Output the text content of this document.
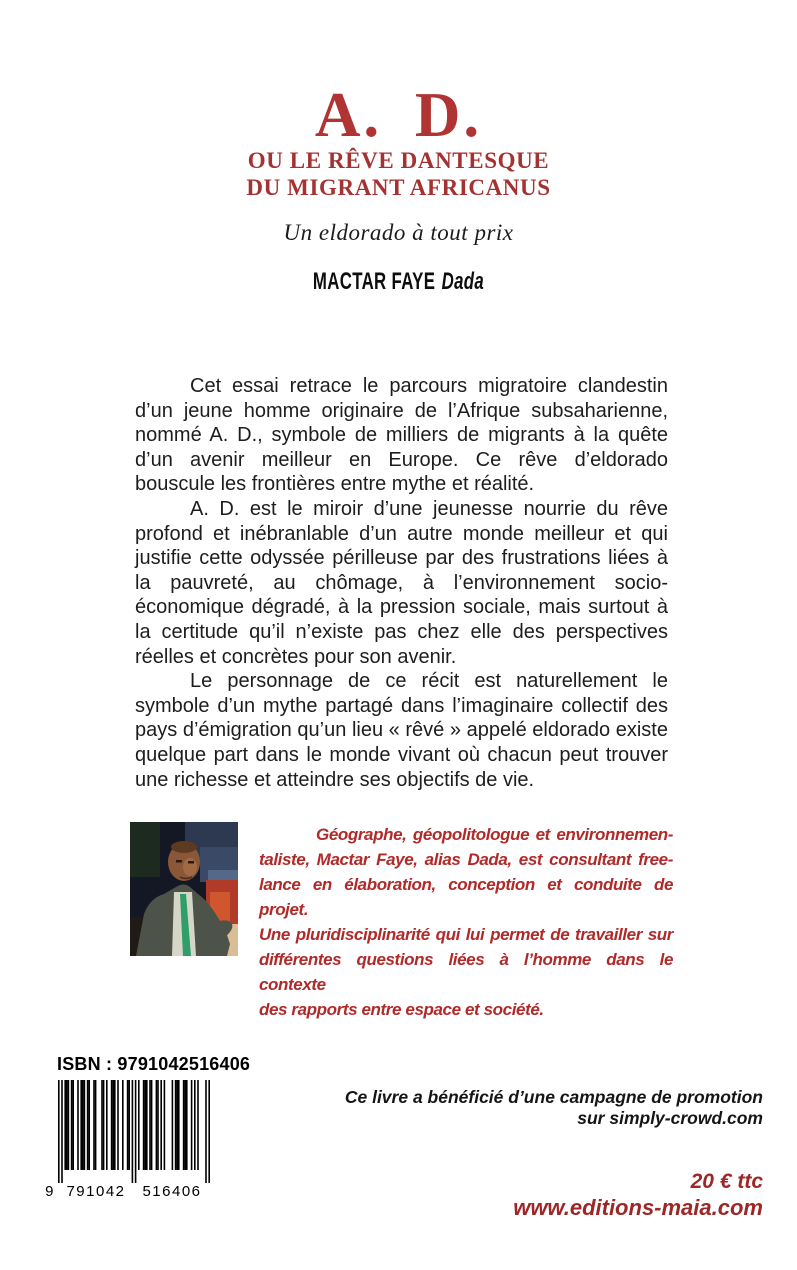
A. D.
OU LE RÊVE DANTESQUE
DU MIGRANT AFRICANUS
Un eldorado à tout prix
MACTAR FAYE Dada

Cet essai retrace le parcours migratoire clandestin d’un jeune homme originaire de l’Afrique subsaharienne, nommé A. D., symbole de milliers de migrants à la quête d’un avenir meilleur en Europe. Ce rêve d’eldorado bouscule les frontières entre mythe et réalité.

A. D. est le miroir d’une jeunesse nourrie du rêve profond et inébranlable d’un autre monde meilleur et qui justifie cette odyssée périlleuse par des frustrations liées à la pauvreté, au chômage, à l’environnement socio-économique dégradé, à la pression sociale, mais surtout à la certitude qu’il n’existe pas chez elle des perspectives réelles et concrètes pour son avenir.

Le personnage de ce récit est naturellement le symbole d’un mythe partagé dans l’imaginaire collectif des pays d’émigration qu’un lieu « rêvé » appelé eldorado existe quelque part dans le monde vivant où chacun peut trouver une richesse et atteindre ses objectifs de vie.

Géographe, géopolitologue et environnemen-
taliste, Mactar Faye, alias Dada, est consultant free-
lance en élaboration, conception et conduite de projet.
Une pluridisciplinarité qui lui permet de travailler sur
différentes questions liées à l’homme dans le contexte
des rapports entre espace et société.
ISBN : 9791042516406
9 791042 516406
Ce livre a bénéficié d’une campagne de promotion
sur simply-crowd.com
20 € ttc
www.editions-maia.com
